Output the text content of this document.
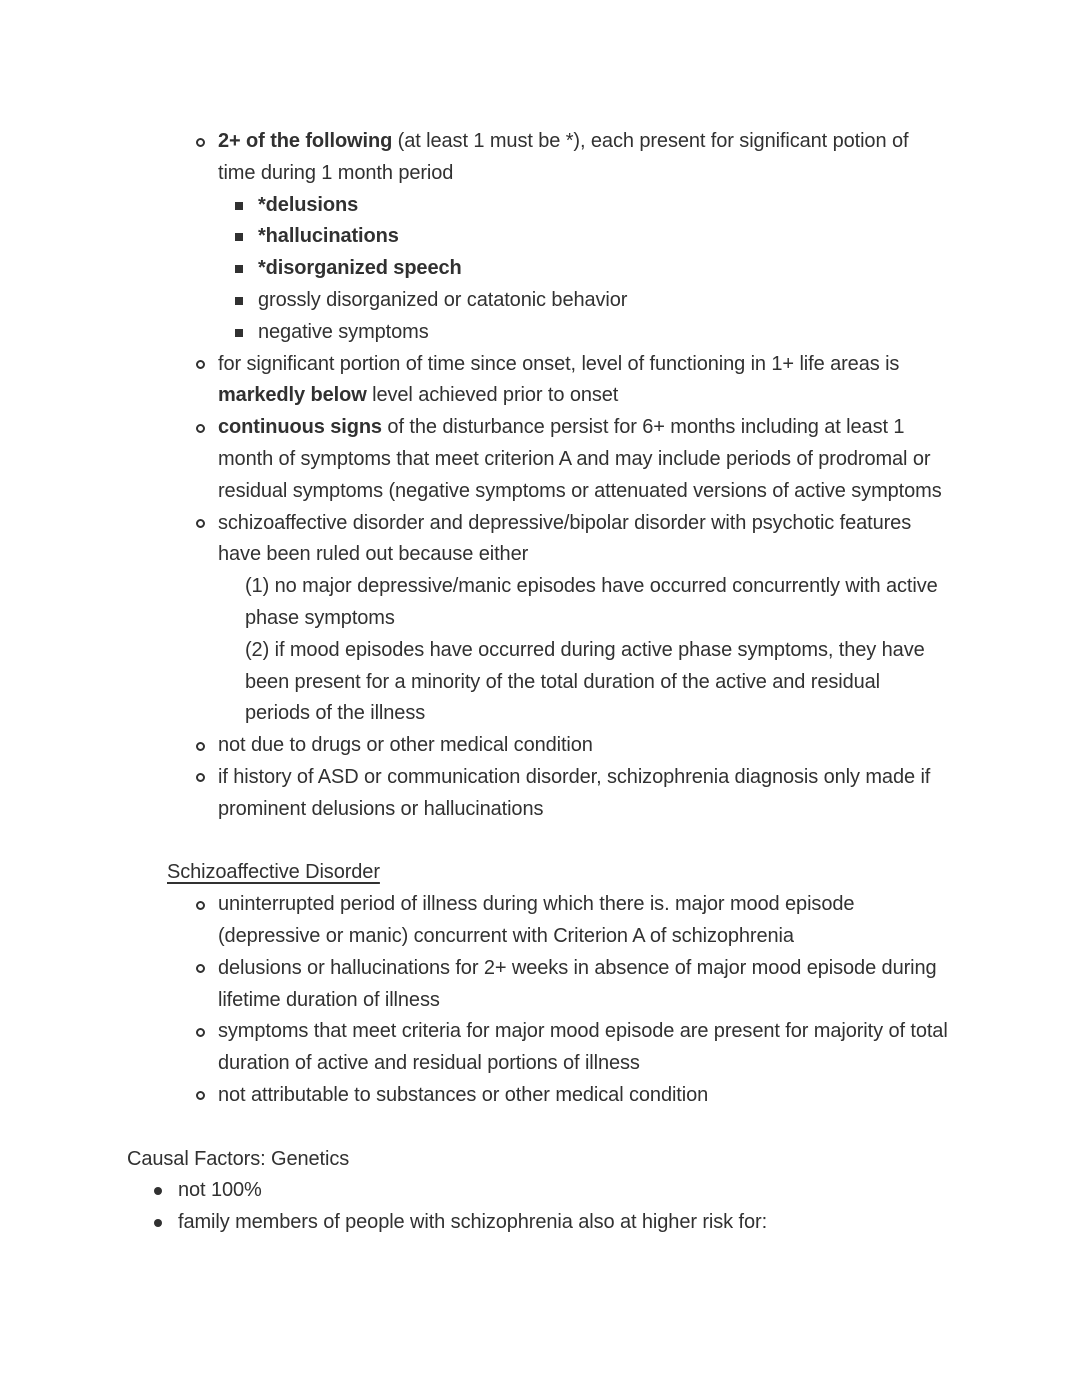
2+ of the following (at least 1 must be *), each present for significant potion of time during 1 month period
*delusions
*hallucinations
*disorganized speech
grossly disorganized or catatonic behavior
negative symptoms
for significant portion of time since onset, level of functioning in 1+ life areas is markedly below level achieved prior to onset
continuous signs of the disturbance persist for 6+ months including at least 1 month of symptoms that meet criterion A and may include periods of prodromal or residual symptoms (negative symptoms or attenuated versions of active symptoms
schizoaffective disorder and depressive/bipolar disorder with psychotic features have been ruled out because either
(1) no major depressive/manic episodes have occurred concurrently with active phase symptoms
(2) if mood episodes have occurred during active phase symptoms, they have been present for a minority of the total duration of the active and residual periods of the illness
not due to drugs or other medical condition
if history of ASD or communication disorder, schizophrenia diagnosis only made if prominent delusions or hallucinations
Schizoaffective Disorder
uninterrupted period of illness during which there is. major mood episode (depressive or manic) concurrent with Criterion A of schizophrenia
delusions or hallucinations for 2+ weeks in absence of major mood episode during lifetime duration of illness
symptoms that meet criteria for major mood episode are present for majority of total duration of active and residual portions of illness
not attributable to substances or other medical condition
Causal Factors: Genetics
not 100%
family members of people with schizophrenia also at higher risk for:
